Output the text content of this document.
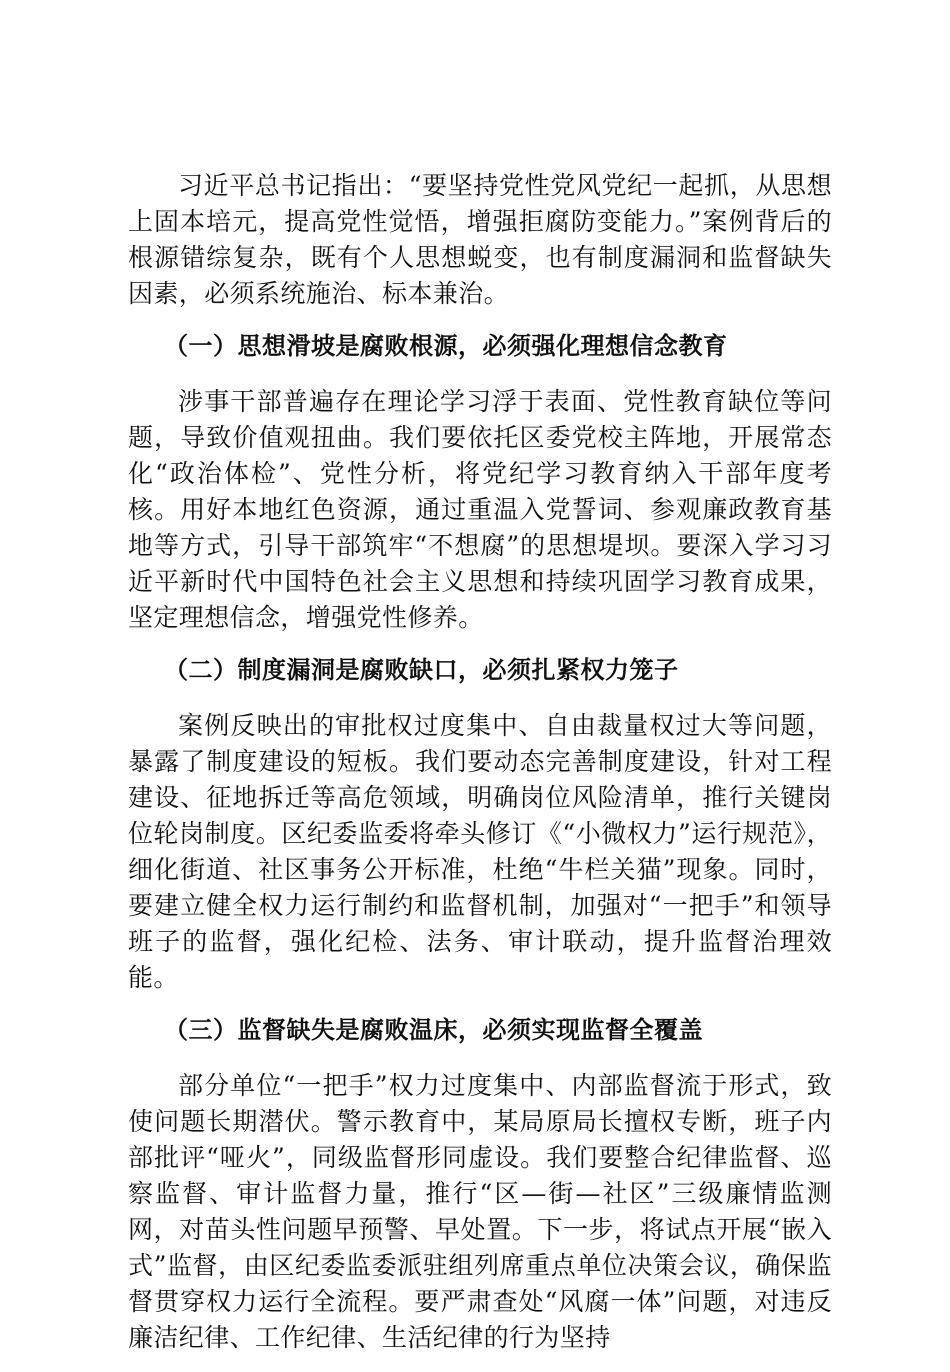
习近平总书记指出：“要坚持党性党风党纪一起抓，从思想上固本培元，提高党性觉悟，增强拒腐防变能力。”案例背后的根源错综复杂，既有个人思想蜕变，也有制度漏洞和监督缺失因素，必须系统施治、标本兼治。

（一）思想滑坡是腐败根源，必须强化理想信念教育

涉事干部普遍存在理论学习浮于表面、党性教育缺位等问题，导致价值观扭曲。我们要依托区委党校主阵地，开展常态化“政治体检”、党性分析，将党纪学习教育纳入干部年度考核。用好本地红色资源，通过重温入党誓词、参观廉政教育基地等方式，引导干部筑牢“不想腐”的思想堤坝。要深入学习习近平新时代中国特色社会主义思想和持续巩固学习教育成果，坚定理想信念，增强党性修养。

（二）制度漏洞是腐败缺口，必须扎紧权力笼子

案例反映出的审批权过度集中、自由裁量权过大等问题，暴露了制度建设的短板。我们要动态完善制度建设，针对工程建设、征地拆迁等高危领域，明确岗位风险清单，推行关键岗位轮岗制度。区纪委监委将牵头修订《“小微权力”运行规范》，细化街道、社区事务公开标准，杜绝“牛栏关猫”现象。同时，要建立健全权力运行制约和监督机制，加强对“一把手”和领导班子的监督，强化纪检、法务、审计联动，提升监督治理效能。

（三）监督缺失是腐败温床，必须实现监督全覆盖

部分单位“一把手”权力过度集中、内部监督流于形式，致使问题长期潜伏。警示教育中，某局原局长擅权专断，班子内部批评“哑火”，同级监督形同虚设。我们要整合纪律监督、巡察监督、审计监督力量，推行“区—街—社区”三级廉情监测网，对苗头性问题早预警、早处置。下一步，将试点开展“嵌入式”监督，由区纪委监委派驻组列席重点单位决策会议，确保监督贯穿权力运行全流程。要严肃查处“风腐一体”问题，对违反廉洁纪律、工作纪律、生活纪律的行为坚持
